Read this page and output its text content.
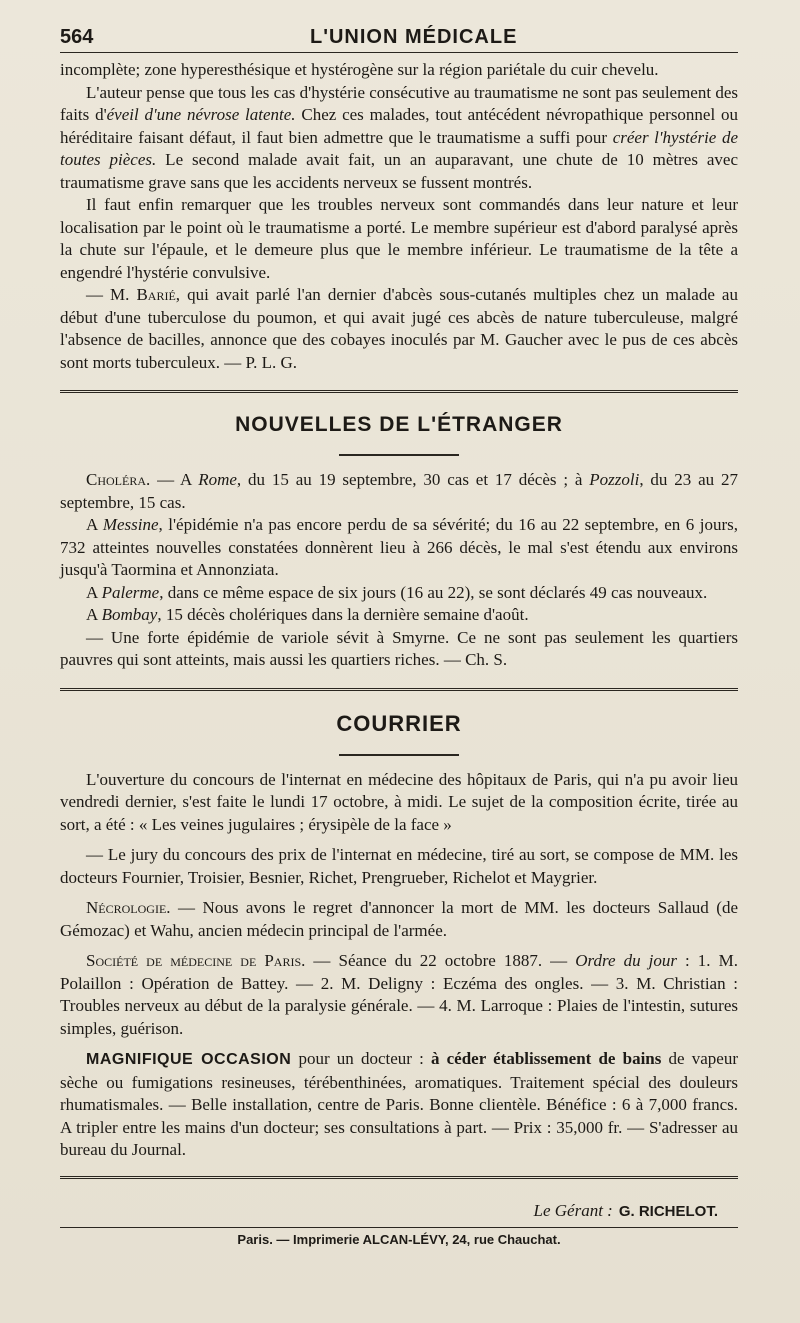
564	L'UNION MÉDICALE

incomplète; zone hyperesthésique et hystérogène sur la région pariétale du cuir chevelu.

L'auteur pense que tous les cas d'hystérie consécutive au traumatisme ne sont pas seulement des faits d'éveil d'une névrose latente. Chez ces malades, tout antécédent névropathique personnel ou héréditaire faisant défaut, il faut bien admettre que le traumatisme a suffi pour créer l'hystérie de toutes pièces. Le second malade avait fait, un an auparavant, une chute de 10 mètres avec traumatisme grave sans que les accidents nerveux se fussent montrés.

Il faut enfin remarquer que les troubles nerveux sont commandés dans leur nature et leur localisation par le point où le traumatisme a porté. Le membre supérieur est d'abord paralysé après la chute sur l'épaule, et le demeure plus que le membre inférieur. Le traumatisme de la tête a engendré l'hystérie convulsive.

— M. Barié, qui avait parlé l'an dernier d'abcès sous-cutanés multiples chez un malade au début d'une tuberculose du poumon, et qui avait jugé ces abcès de nature tuberculeuse, malgré l'absence de bacilles, annonce que des cobayes inoculés par M. Gaucher avec le pus de ces abcès sont morts tuberculeux. — P. L. G.

NOUVELLES DE L'ÉTRANGER

Choléra. — A Rome, du 15 au 19 septembre, 30 cas et 17 décès ; à Pozzoli, du 23 au 27 septembre, 15 cas.

A Messine, l'épidémie n'a pas encore perdu de sa sévérité; du 16 au 22 septembre, en 6 jours, 732 atteintes nouvelles constatées donnèrent lieu à 266 décès, le mal s'est étendu aux environs jusqu'à Taormina et Annonziata.

A Palerme, dans ce même espace de six jours (16 au 22), se sont déclarés 49 cas nouveaux.

A Bombay, 15 décès cholériques dans la dernière semaine d'août.

— Une forte épidémie de variole sévit à Smyrne. Ce ne sont pas seulement les quartiers pauvres qui sont atteints, mais aussi les quartiers riches. — Ch. S.

COURRIER

L'ouverture du concours de l'internat en médecine des hôpitaux de Paris, qui n'a pu avoir lieu vendredi dernier, s'est faite le lundi 17 octobre, à midi. Le sujet de la composition écrite, tirée au sort, a été : « Les veines jugulaires ; érysipèle de la face »

— Le jury du concours des prix de l'internat en médecine, tiré au sort, se compose de MM. les docteurs Fournier, Troisier, Besnier, Richet, Prengrueber, Richelot et Maygrier.

Nécrologie. — Nous avons le regret d'annoncer la mort de MM. les docteurs Sallaud (de Gémozac) et Wahu, ancien médecin principal de l'armée.

Société de médecine de Paris. — Séance du 22 octobre 1887. — Ordre du jour : 1. M. Polaillon : Opération de Battey. — 2. M. Deligny : Eczéma des ongles. — 3. M. Christian : Troubles nerveux au début de la paralysie générale. — 4. M. Larroque : Plaies de l'intestin, sutures simples, guérison.

MAGNIFIQUE OCCASION pour un docteur : à céder établissement de bains de vapeur sèche ou fumigations resineuses, térébenthinées, aromatiques. Traitement spécial des douleurs rhumatismales. — Belle installation, centre de Paris. Bonne clientèle. Bénéfice : 6 à 7,000 francs. A tripler entre les mains d'un docteur; ses consultations à part. — Prix : 35,000 fr. — S'adresser au bureau du Journal.

Le Gérant : G. RICHELOT.
Paris. — Imprimerie ALCAN-LÉVY, 24, rue Chauchat.
